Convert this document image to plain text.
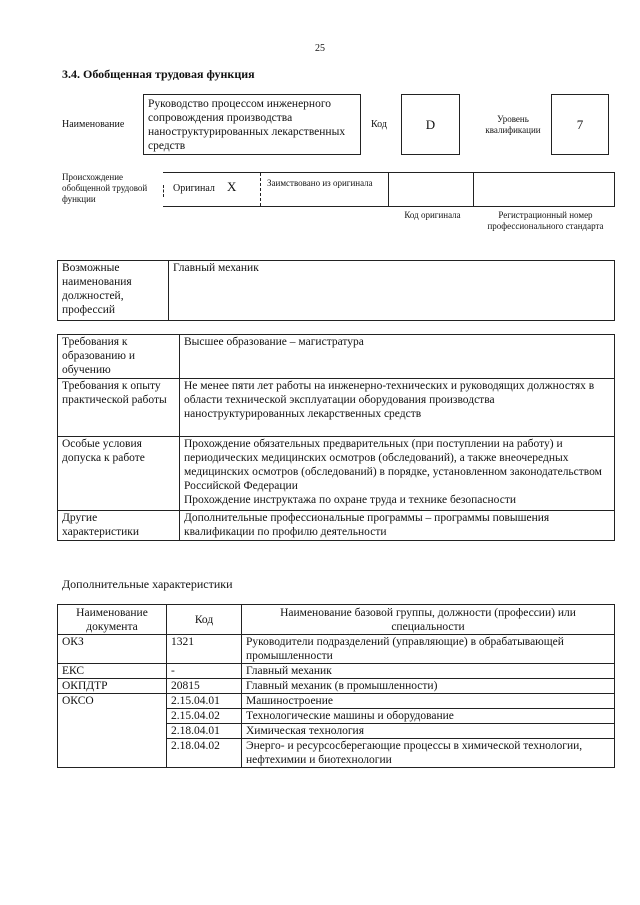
25
3.4. Обобщенная трудовая функция
Наименование
Руководство процессом инженерного сопровождения производства наноструктурированных лекарственных средств
Код	D	Уровень квалификации	7
Происхождение обобщенной трудовой функции
Оригинал X	Заимствовано из оригинала
Код оригинала	Регистрационный номер профессионального стандарта
Возможные наименования должностей, профессий	Главный механик
Требования к образованию и обучению	Высшее образование – магистратура
Требования к опыту практической работы	Не менее пяти лет работы на инженерно-технических и руководящих должностях в области технической эксплуатации оборудования производства наноструктурированных лекарственных средств
Особые условия допуска к работе	Прохождение обязательных предварительных (при поступлении на работу) и периодических медицинских осмотров (обследований), а также внеочередных медицинских осмотров (обследований) в порядке, установленном законодательством Российской Федерации
Прохождение инструктажа по охране труда и технике безопасности

Другие характеристики	Дополнительные профессиональные программы – программы повышения квалификации по профилю деятельности
Дополнительные характеристики
Наименование документа	Код	Наименование базовой группы, должности (профессии) или специальности
ОКЗ	1321	Руководители подразделений (управляющие) в обрабатывающей промышленности
ЕКС	-	Главный механик
ОКПДТР	20815	Главный механик (в промышленности)
ОКСО	2.15.04.01	Машиностроение
	2.15.04.02	Технологические машины и оборудование
	2.18.04.01	Химическая технология
	2.18.04.02	Энерго- и ресурсосберегающие процессы в химической технологии, нефтехимии и биотехнологии
